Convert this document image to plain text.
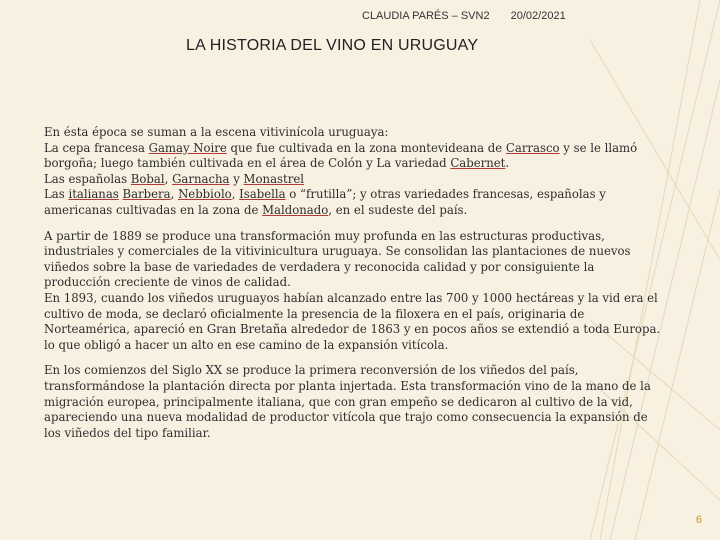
CLAUDIA PARÉS – SVN2 20/02/2021
LA HISTORIA DEL VINO EN URUGUAY

En ésta época se suman a la escena vitivinícola uruguaya:
La cepa francesa Gamay Noire que fue cultivada en la zona montevideana de Carrasco y se le llamó borgoña; luego también cultivada en el área de Colón y La variedad Cabernet.
Las españolas Bobal, Garnacha y Monastrel
Las italianas Barbera, Nebbiolo, Isabella o “frutilla”; y otras variedades francesas, españolas y americanas cultivadas en la zona de Maldonado, en el sudeste del país.

A partir de 1889 se produce una transformación muy profunda en las estructuras productivas, industriales y comerciales de la vitivinicultura uruguaya. Se consolidan las plantaciones de nuevos viñedos sobre la base de variedades de verdadera y reconocida calidad y por consiguiente la producción creciente de vinos de calidad.
En 1893, cuando los viñedos uruguayos habían alcanzado entre las 700 y 1000 hectáreas y la vid era el cultivo de moda, se declaró oficialmente la presencia de la filoxera en el país, originaria de Norteamérica, apareció en Gran Bretaña alrededor de 1863 y en pocos años se extendió a toda Europa. lo que obligó a hacer un alto en ese camino de la expansión vitícola.

En los comienzos del Siglo XX se produce la primera reconversión de los viñedos del país, transformándose la plantación directa por planta injertada. Esta transformación vino de la mano de la migración europea, principalmente italiana, que con gran empeño se dedicaron al cultivo de la vid, apareciendo una nueva modalidad de productor vitícola que trajo como consecuencia la expansión de los viñedos del tipo familiar.

6
